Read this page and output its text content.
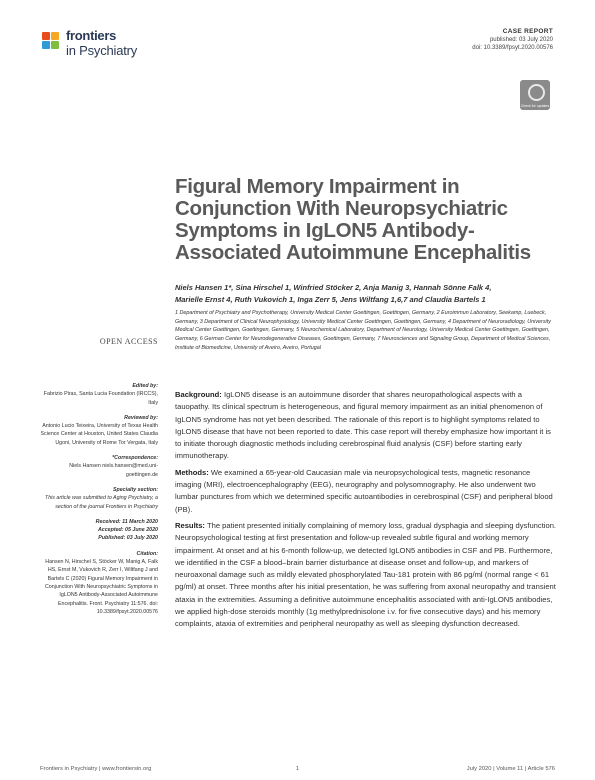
frontiers
in Psychiatry
CASE REPORT
published: 03 July 2020
doi: 10.3389/fpsyt.2020.00576
Check for updates
Figural Memory Impairment in Conjunction With Neuropsychiatric Symptoms in IgLON5 Antibody-Associated Autoimmune Encephalitis
Niels Hansen 1*, Sina Hirschel 1, Winfried Stöcker 2, Anja Manig 3, Hannah Sönne Falk 4,
Marielle Ernst 4, Ruth Vukovich 1, Inga Zerr 5, Jens Wiltfang 1,6,7 and Claudia Bartels 1
1 Department of Psychiatry and Psychotherapy, University Medical Center Goettingen, Goettingen, Germany, 2 Euroimmun Laboratory, Seekamp, Luebeck, Germany, 3 Department of Clinical Neurophysiology, University Medical Center Goettingen, Goettingen, Germany, 4 Department of Neuroradiology, University Medical Center Goettingen, Goettingen, Germany, 5 Neurochemical Laboratory, Department of Neurology, University Medical Center Goettingen, Goettingen, Germany, 6 German Center for Neurodegenerative Diseases, Goettingen, Germany, 7 Neurosciences and Signaling Group, Department of Medical Sciences, Institute of Biomedicine, University of Aveiro, Aveiro, Portugal
OPEN ACCESS
Edited by:
Fabrizio Piras, Santa Lucia Foundation (IRCCS), Italy
Reviewed by:
Antonio Lucio Teixeira, University of Texas Health Science Center at Houston, United States Claudia Ugoni, University of Rome Tor Vergata, Italy
*Correspondence:
Niels Hansen niels.hansen@med.uni-goettingen.de
Specialty section:
This article was submitted to Aging Psychiatry, a section of the journal Frontiers in Psychiatry
Received: 11 March 2020
Accepted: 05 June 2020
Published: 03 July 2020
Citation:
Hansen N, Hirschel S, Stöcker W, Manig A, Falk HS, Ernst M, Vukovich R, Zerr I, Wiltfang J and Bartels C (2020) Figural Memory Impairment in Conjunction With Neuropsychiatric Symptoms in IgLON5 Antibody-Associated Autoimmune Encephalitis. Front. Psychiatry 11:576. doi: 10.3389/fpsyt.2020.00576

Background: IgLON5 disease is an autoimmune disorder that shares neuropathological aspects with a tauopathy. Its clinical spectrum is heterogeneous, and figural memory impairment as an initial phenomenon of IgLON5 syndrome has not yet been described. The rationale of this report is to highlight symptoms related to IgLON5 disease that have not been reported to date. This case report will thereby emphasize how important it is to initiate thorough diagnostic methods including cerebrospinal fluid analysis (CSF) before starting early immunotherapy.

Methods: We examined a 65-year-old Caucasian male via neuropsychological tests, magnetic resonance imaging (MRI), electroencephalography (EEG), neurography and polysomnography. He also underwent two lumbar punctures from which we determined specific autoantibodies in cerebrospinal (CSF) and peripheral blood (PB).

Results: The patient presented initially complaining of memory loss, gradual dysphagia and sleeping dysfunction. Neuropsychological testing at first presentation and follow-up revealed subtle figural and working memory impairment. At onset and at his 6-month follow-up, we detected IgLON5 antibodies in CSF and PB. Furthermore, we identified in the CSF a blood–brain barrier disturbance at disease onset and follow-up, and markers of neuroaxonal damage such as mildly elevated phosphorylated Tau-181 protein with 86 pg/ml (normal range < 61 pg/ml) at onset. Three months after his initial presentation, he was suffering from axonal neuropathy and transient ataxia in the extremities. Assuming a definitive autoimmune encephalitis associated with anti-IgLON5 antibodies, we applied high-dose steroids monthly (1g methylprednisolone i.v. for five consecutive days) and his memory complaints, ataxia of extremities and peripheral neuropathy as well as sleeping dysfunction decreased.

Frontiers in Psychiatry | www.frontiersin.org	1	July 2020 | Volume 11 | Article 576
